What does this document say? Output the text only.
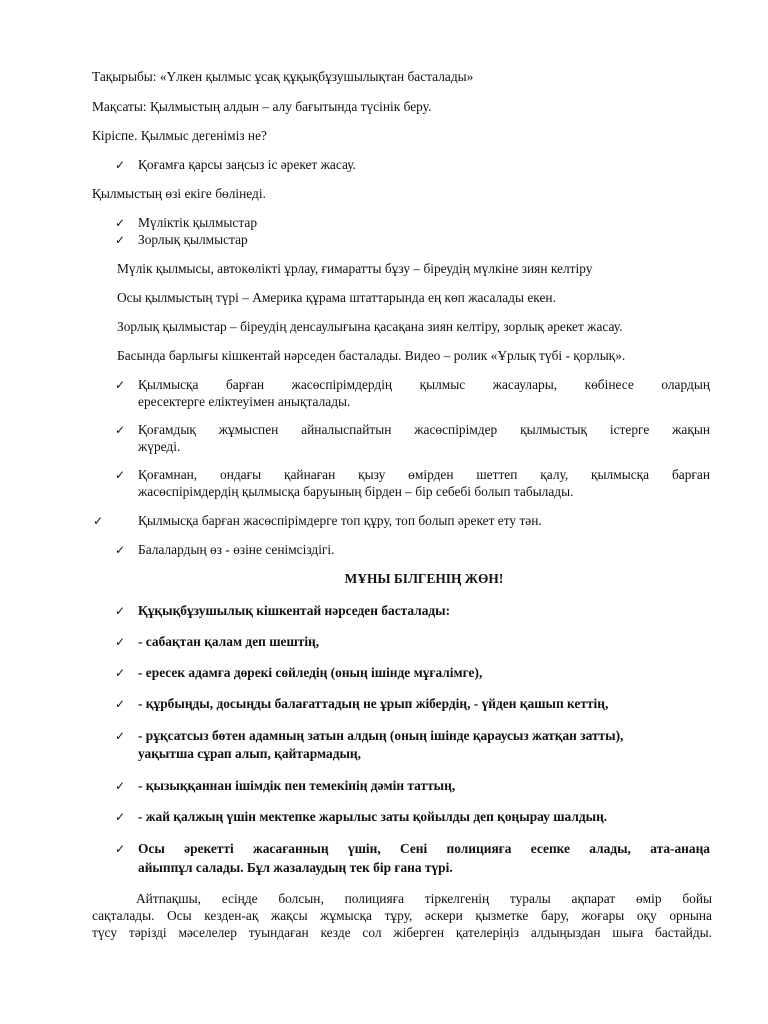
Тақырыбы: «Үлкен қылмыс ұсақ құқықбұзушылықтан басталады»
Мақсаты: Қылмыстың алдын – алу бағытында түсінік беру.
Кіріспе. Қылмыс дегеніміз не?
✓ Қоғамға қарсы заңсыз іс әрекет жасау.
Қылмыстың өзі екіге бөлінеді.
✓ Мүліктік қылмыстар
✓ Зорлық қылмыстар
Мүлік қылмысы, автокөлікті ұрлау, ғимаратты бұзу – біреудің мүлкіне зиян келтіру
Осы қылмыстың түрі – Америка құрама штаттарында ең көп жасалады екен.
Зорлық қылмыстар – біреудің денсаулығына қасақана зиян келтіру, зорлық әрекет жасау.
Басында барлығы кішкентай нәрседен басталады. Видео – ролик «Ұрлық түбі - қорлық».
✓ Қылмысқа барған жасөспірімдердің қылмыс жасаулары, көбінесе олардың
ересектерге еліктеуімен анықталады.
✓ Қоғамдық жұмыспен айналыспайтын жасөспірімдер қылмыстық істерге жақын
жүреді.
✓ Қоғамнан, ондағы қайнаған қызу өмірден шеттеп қалу, қылмысқа барған
жасөспірімдердің қылмысқа баруының бірден – бір себебі болып табылады.
✓	Қылмысқа барған жасөспірімдерге топ құру, топ болып әрекет ету тән.
✓ Балалардың өз - өзіне сенімсіздігі.
МҰНЫ БІЛГЕНІҢ ЖӨН!
✓ Құқықбұзушылық кішкентай нәрседен басталады:
✓ - сабақтан қалам деп шештің,
✓ - ересек адамға дөрекі сөйледің (оның ішінде мұғалімге),
✓ - құрбыңды, досыңды балағаттадың не ұрып жібердің, - үйден қашып кеттің,
✓ - рұқсатсыз бөтен адамның затын алдың (оның ішінде қараусыз жатқан затты),
уақытша сұрап алып, қайтармадың,
✓ - қызыққаннан ішімдік пен темекінің дәмін таттың,
✓ - жай қалжың үшін мектепке жарылыс заты қойылды деп қоңырау шалдың.
✓ Осы әрекетті жасағанның үшін, Сені полицияға есепке алады, ата-анаңа
айыппұл салады. Бұл жазалаудың тек бір ғана түрі.
Айтпақшы, есіңде болсын, полицияға тіркелгенің туралы ақпарат өмір бойы
сақталады. Осы кезден-ақ жақсы жұмысқа тұру, әскери қызметке бару, жоғары оқу орнына
түсу тәрізді мәселелер туындаған кезде сол жіберген қателеріңіз алдыңыздан шыға бастайды.
